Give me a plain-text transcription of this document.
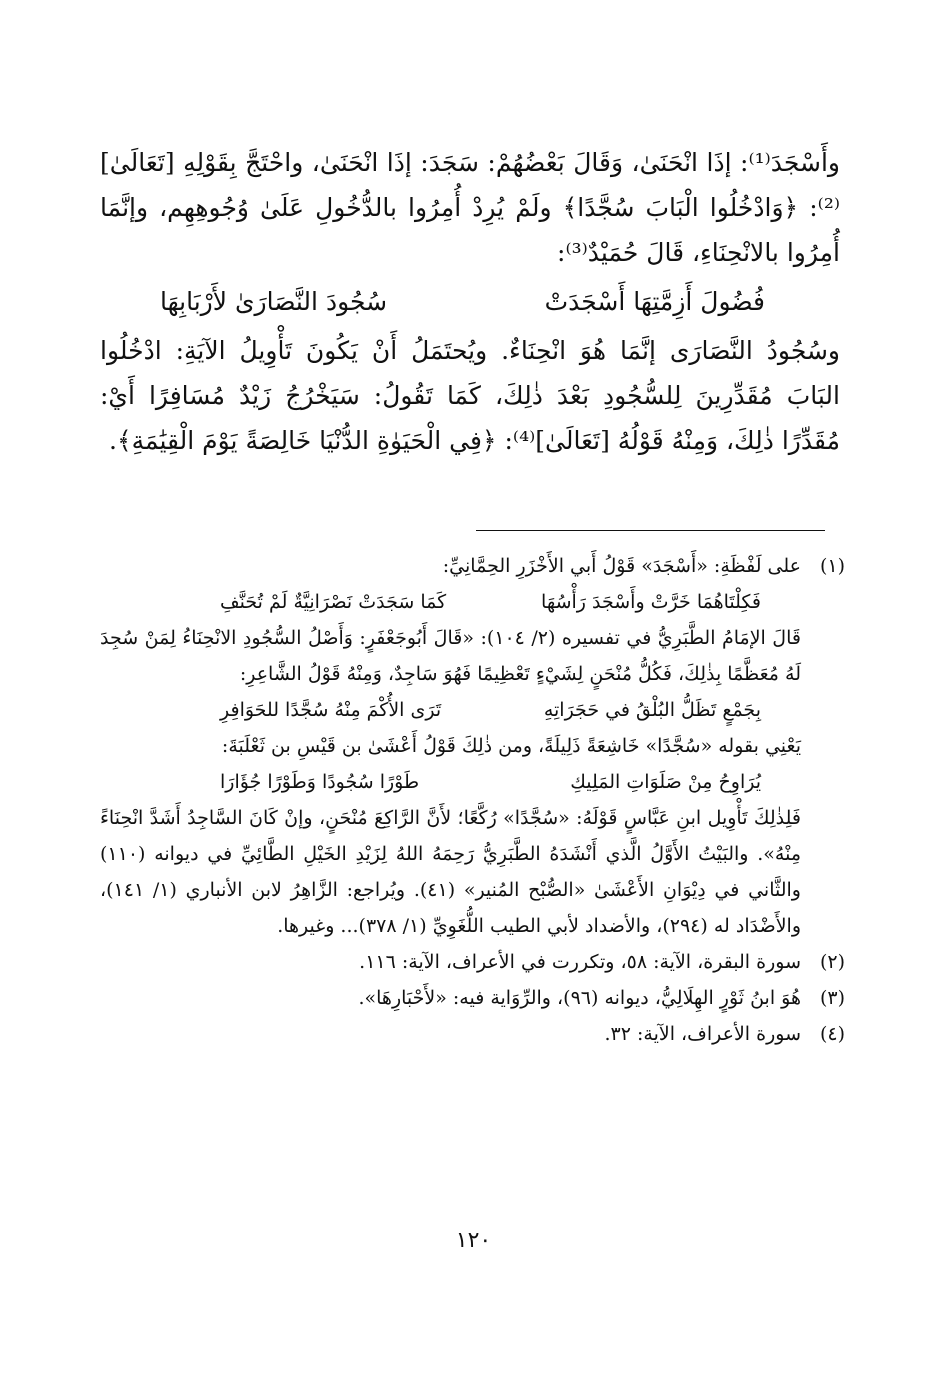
وأَسْجَدَ⁽¹⁾: إذَا انْحَنَىٰ، وَقَالَ بَعْضُهُمْ: سَجَدَ: إذَا انْحَنَىٰ، واحْتَجَّ بِقَوْلِهِ [تَعَالَىٰ]⁽²⁾: ﴿وَادْخُلُوا الْبَابَ سُجَّدًا﴾ ولَمْ يُرِدْ أُمِرُوا بالدُّخُولِ عَلَىٰ وُجُوهِهِم، وإنَّمَا أُمِرُوا بالانْحِنَاءِ، قَالَ حُمَيْدٌ⁽³⁾:

فُضُولَ أَزِمَّتِهَا أَسْجَدَتْ
سُجُودَ النَّصَارَىٰ لأَرْبَابِهَا

وسُجُودُ النَّصَارَى إنَّمَا هُوَ انْحِنَاءٌ. ويُحتَمَلُ أَنْ يَكُونَ تَأْوِيلُ الآيَةِ: ادْخُلُوا البَابَ مُقَدِّرِينَ لِلسُّجُودِ بَعْدَ ذٰلِكَ، كَمَا تَقُولُ: سَيَخْرُجُ زَيْدٌ مُسَافِرًا أَيْ: مُقَدِّرًا ذٰلِكَ، وَمِنْهُ قَوْلُهُ [تَعَالَىٰ]⁽⁴⁾: ﴿فِي الْحَيَوٰةِ الدُّنْيَا خَالِصَةً يَوْمَ الْقِيَٰمَةِ﴾.

(١)

على لَفْظَةِ: «أَسْجَدَ» قَوْلُ أَبي الأَخْزَرِ الحِمَّانِيِّ:

فَكِلْتَاهُمَا خَرَّتْ وأَسْجَدَ رَأْسُهَا
كَمَا سَجَدَتْ نَصْرَانِيَّةٌ لَمْ تُحَنَّفِ

قَالَ الإمَامُ الطَّبَرِيُّ في تفسيره (٢/ ١٠٤): «قَالَ أَبُوجَعْفَرٍ: وَأَصْلُ السُّجُودِ الانْحِنَاءُ لِمَنْ سُجِدَ لَهُ مُعَظَّمًا بِذٰلِكَ، فَكُلُّ مُنْحَنٍ لِشَيْءٍ تَعْظِيمًا فَهُوَ سَاجِدٌ، وَمِنْهُ قَوْلُ الشَّاعِرِ:

بِجَمْعٍ تَظَلُّ البُلْقُ في حَجَرَاتِهِ
تَرَى الأُكْمَ مِنْهُ سُجَّدًا للحَوَافِرِ

يَعْنِي بقوله «سُجَّدًا» خَاشِعَةً ذَلِيلَةً، ومن ذٰلِكَ قَوْلُ أَعْشَىٰ بن قَيْسِ بن ثَعْلَبَةَ:

يُرَاوِحُ مِنْ صَلَوَاتِ المَلِيكِ
طَوْرًا سُجُودًا وَطَوْرًا جُؤَارَا

فَلِذٰلِكَ تَأْوِيل ابنِ عَبَّاسٍ قَوْلَهُ: «سُجَّدًا» رُكَّعًا؛ لأَنَّ الرَّاكِعَ مُنْحَنٍ، وإنْ كَانَ السَّاجِدُ أَشَدَّ انْحِنَاءً مِنْهُ». والبَيْتُ الأَوَّلُ الَّذي أَنْشَدَهُ الطَّبَرِيُّ رَحِمَهُ اللهُ لِزَيْدِ الخَيْلِ الطَّائِيِّ في ديوانه (١١٠) والثَّاني في دِيْوَانِ الأَعْشَىٰ «الصُّبْح المُنير» (٤١). ويُراجع: الزَّاهِرُ لابن الأنباري (١/ ١٤١)، والأَضْدَاد له (٢٩٤)، والأضداد لأبي الطيب اللُّغَوِيِّ (١/ ٣٧٨)... وغيرها.

(٢)
سورة البقرة، الآية: ٥٨، وتكررت في الأعراف، الآية: ١١٦.
(٣)
هُوَ ابنُ ثَوْرٍ الهِلَالِيُّ، ديوانه (٩٦)، والرِّوَاية فيه: «لأَحْبَارِهَا».
(٤)
سورة الأعراف، الآية: ٣٢.
١٢٠
